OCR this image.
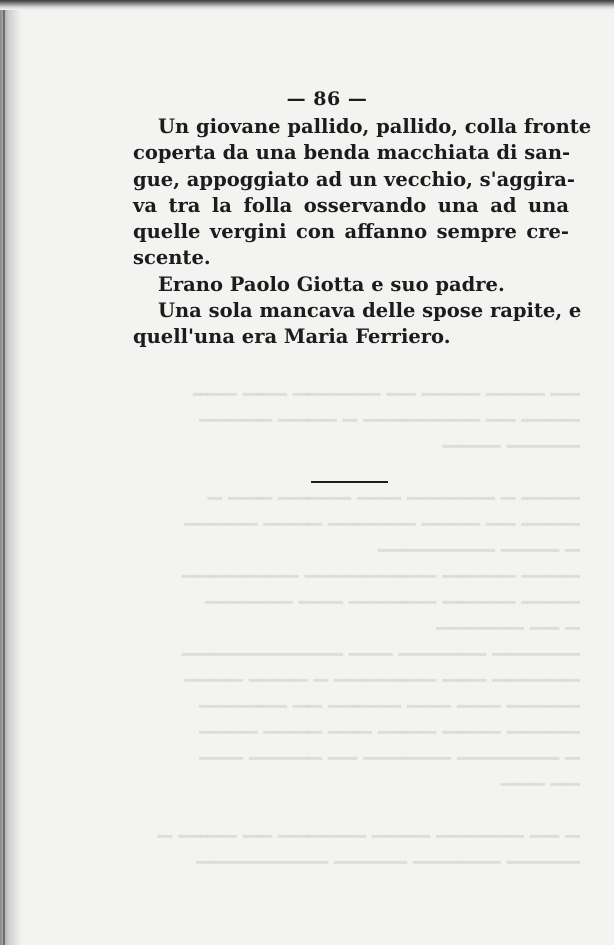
▁▁ ▁▁▁▁ ▁▁▁▁ ▁▁ ▁▁▁▁▁▁ ▁▁▁ ▁▁▁
▁▁▁▁ ▁▁ ▁▁▁▁▁▁▁▁ ▁ ▁▁▁▁ ▁▁▁▁▁
▁▁▁▁▁ ▁▁▁▁

▁▁▁▁ ▁ ▁▁▁▁▁▁ ▁▁▁ ▁▁▁▁▁ ▁▁▁ ▁
▁▁▁▁ ▁▁ ▁▁▁▁ ▁▁▁▁▁▁ ▁▁▁▁ ▁▁▁▁▁
▁ ▁▁▁▁ ▁▁▁▁▁▁▁▁
▁▁▁▁ ▁▁▁▁▁ ▁▁▁▁▁▁▁▁▁ ▁▁▁▁▁▁▁▁
▁▁▁▁ ▁▁▁▁▁ ▁▁▁▁▁▁ ▁▁▁ ▁▁▁▁▁▁
▁ ▁▁ ▁▁▁▁▁▁
▁▁▁▁▁▁ ▁▁▁▁▁▁ ▁▁▁ ▁▁▁▁▁▁▁▁▁▁▁
▁▁▁▁▁▁ ▁▁▁ ▁▁▁▁▁▁▁ ▁ ▁▁▁▁ ▁▁▁▁
▁▁▁▁▁ ▁▁▁ ▁▁▁ ▁▁▁▁▁ ▁▁ ▁▁▁▁▁▁
▁▁▁▁▁ ▁▁▁▁ ▁▁▁▁ ▁▁▁ ▁▁▁▁ ▁▁▁▁
▁ ▁▁▁▁▁▁▁ ▁▁▁▁▁▁ ▁▁ ▁▁▁▁▁ ▁▁▁
▁▁ ▁▁▁

▁ ▁▁ ▁▁▁▁▁▁ ▁▁▁▁ ▁▁▁▁▁▁ ▁▁ ▁▁▁▁ ▁
▁▁▁▁▁ ▁▁▁▁▁▁ ▁▁▁▁▁ ▁▁▁▁▁▁▁▁▁
— 86 —
Un giovane pallido, pallido, colla fronte
coperta da una benda macchiata di san-
gue, appoggiato ad un vecchio, s'aggira-
va tra la folla osservando una ad una
quelle vergini con affanno sempre cre-
scente.
Erano Paolo Giotta e suo padre.
Una sola mancava delle spose rapite, e
quell'una era Maria Ferriero.
